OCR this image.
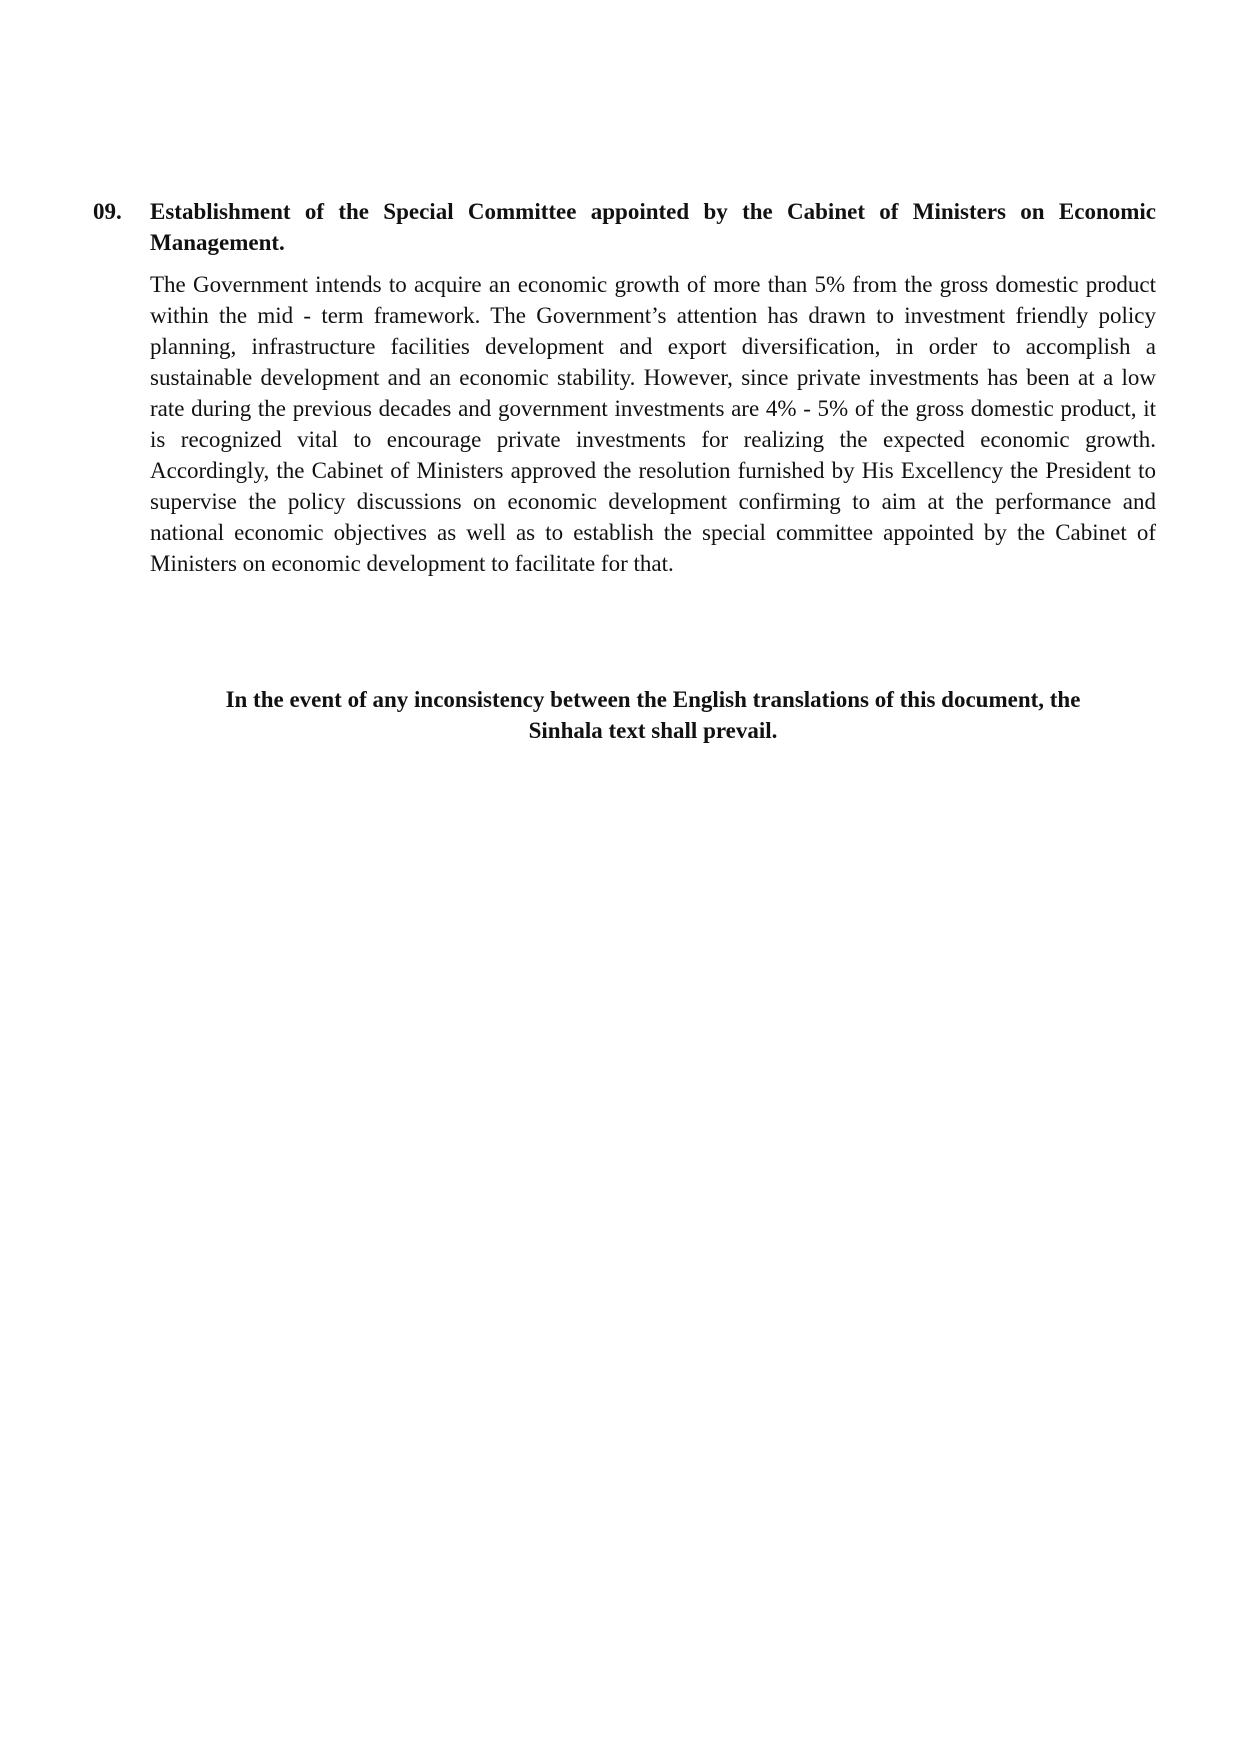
09. Establishment of the Special Committee appointed by the Cabinet of Ministers on Economic Management.
The Government intends to acquire an economic growth of more than 5% from the gross domestic product within the mid - term framework. The Government’s attention has drawn to investment friendly policy planning, infrastructure facilities development and export diversification, in order to accomplish a sustainable development and an economic stability. However, since private investments has been at a low rate during the previous decades and government investments are 4% - 5% of the gross domestic product, it is recognized vital to encourage private investments for realizing the expected economic growth. Accordingly, the Cabinet of Ministers approved the resolution furnished by His Excellency the President to supervise the policy discussions on economic development confirming to aim at the performance and national economic objectives as well as to establish the special committee appointed by the Cabinet of Ministers on economic development to facilitate for that.
In the event of any inconsistency between the English translations of this document, the
Sinhala text shall prevail.
